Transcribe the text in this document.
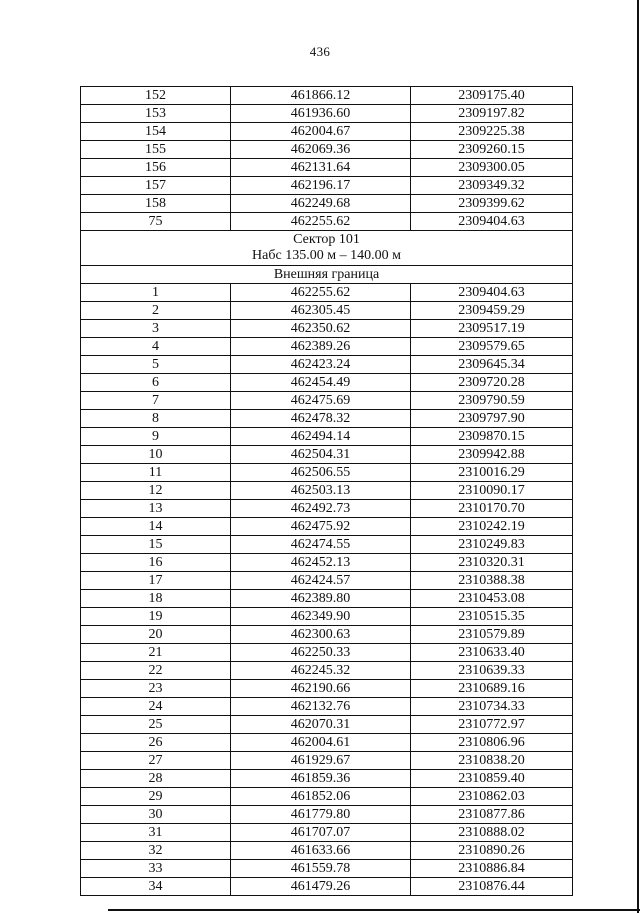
436
152	461866.12	2309175.40
153	461936.60	2309197.82
154	462004.67	2309225.38
155	462069.36	2309260.15
156	462131.64	2309300.05
157	462196.17	2309349.32
158	462249.68	2309399.62
75	462255.62	2309404.63

Сектор 101
Набс 135.00 м – 140.00 м		

Внешняя граница		
1	462255.62	2309404.63
2	462305.45	2309459.29
3	462350.62	2309517.19
4	462389.26	2309579.65
5	462423.24	2309645.34
6	462454.49	2309720.28
7	462475.69	2309790.59
8	462478.32	2309797.90
9	462494.14	2309870.15
10	462504.31	2309942.88
11	462506.55	2310016.29
12	462503.13	2310090.17
13	462492.73	2310170.70
14	462475.92	2310242.19
15	462474.55	2310249.83
16	462452.13	2310320.31
17	462424.57	2310388.38
18	462389.80	2310453.08
19	462349.90	2310515.35
20	462300.63	2310579.89
21	462250.33	2310633.40
22	462245.32	2310639.33
23	462190.66	2310689.16
24	462132.76	2310734.33
25	462070.31	2310772.97
26	462004.61	2310806.96
27	461929.67	2310838.20
28	461859.36	2310859.40
29	461852.06	2310862.03
30	461779.80	2310877.86
31	461707.07	2310888.02
32	461633.66	2310890.26
33	461559.78	2310886.84
34	461479.26	2310876.44
